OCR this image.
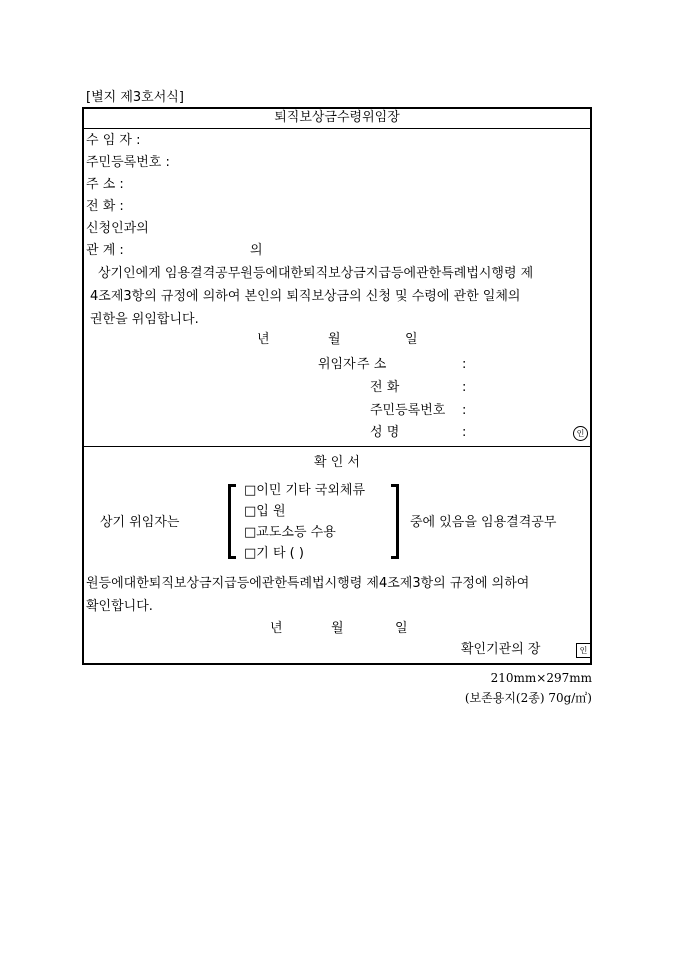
[별지 제3호서식]
퇴직보상금수령위임장
수 임 자 :
주민등록번호 :
주 소 :
전 화 :
신청인과의
관 계 :	의
상기인에게 임용결격공무원등에대한퇴직보상금지급등에관한특례법시행령 제
4조제3항의 규정에 의하여 본인의 퇴직보상금의 신청 및 수령에 관한 일체의
권한을 위임합니다.
년	월	일
위임자 주 소	:
전 화	:
주민등록번호 :
성 명	:	인
확 인 서
상기 위임자는
□이민 기타 국외체류
□입 원
□교도소등 수용
□기 타 ( )
중에 있음을 임용결격공무
원등에대한퇴직보상금지급등에관한특례법시행령 제4조제3항의 규정에 의하여
확인합니다.
년	월	일
확인기관의 장	인
210mm×297mm
(보존용지(2종) 70g/㎡)
